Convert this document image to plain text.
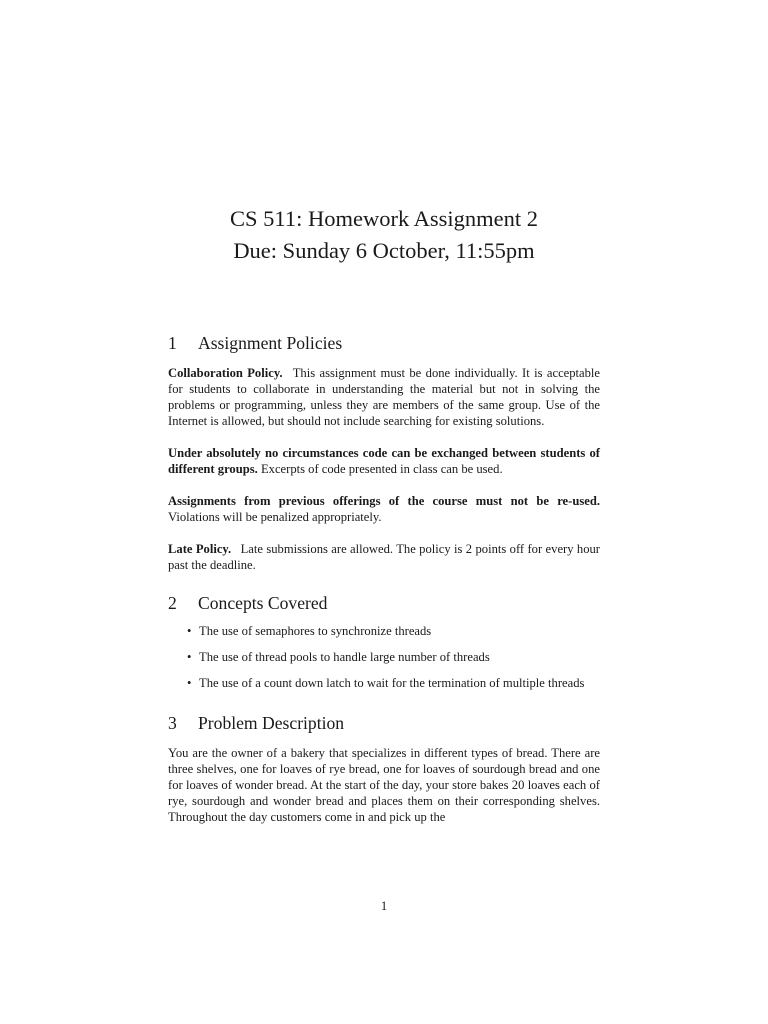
CS 511: Homework Assignment 2
Due: Sunday 6 October, 11:55pm
1	Assignment Policies

Collaboration Policy. This assignment must be done individually. It is acceptable for students to collaborate in understanding the material but not in solving the problems or programming, unless they are members of the same group. Use of the Internet is allowed, but should not include searching for existing solutions.

Under absolutely no circumstances code can be exchanged between students of different groups. Excerpts of code presented in class can be used.

Assignments from previous offerings of the course must not be re-used. Violations will be penalized appropriately.

Late Policy. Late submissions are allowed. The policy is 2 points off for every hour past the deadline.

2	Concepts Covered
• The use of semaphores to synchronize threads
• The use of thread pools to handle large number of threads
• The use of a count down latch to wait for the termination of multiple threads
3	Problem Description

You are the owner of a bakery that specializes in different types of bread. There are three shelves, one for loaves of rye bread, one for loaves of sourdough bread and one for loaves of wonder bread. At the start of the day, your store bakes 20 loaves each of rye, sourdough and wonder bread and places them on their corresponding shelves. Throughout the day customers come in and pick up the

1
